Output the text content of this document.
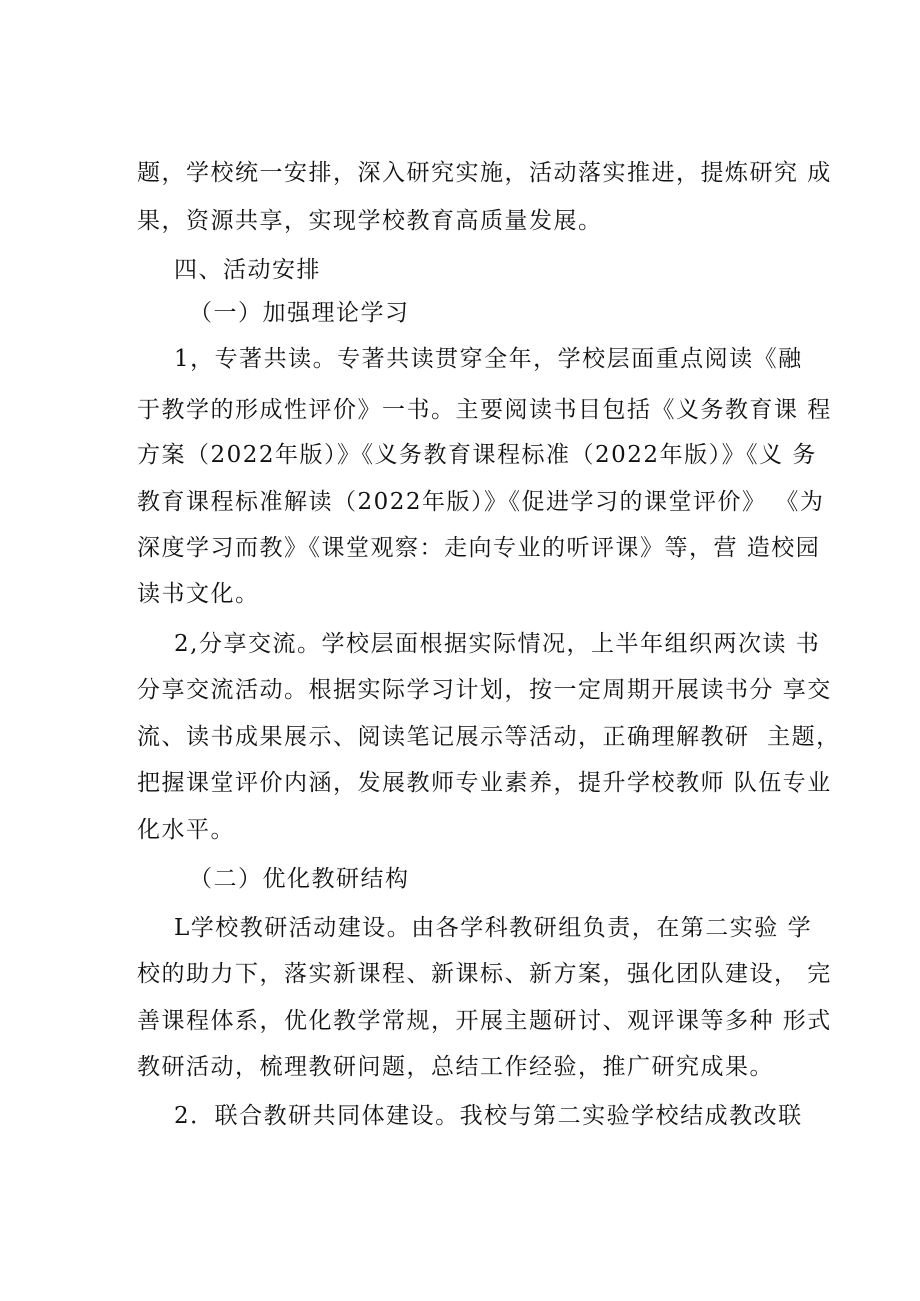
题，学校统一安排，深入研究实施，活动落实推进，提炼研究 成
果，资源共享，实现学校教育高质量发展。
四、活动安排
（一）加强理论学习
1，专著共读。专著共读贯穿全年，学校层面重点阅读《融
于教学的形成性评价》一书。主要阅读书目包括《义务教育课 程
方案（2022年版）》《义务教育课程标准（2022年版）》《义 务
教育课程标准解读（2022年版）》《促进学习的课堂评价》 《为
深度学习而教》《课堂观察：走向专业的听评课》等，营 造校园
读书文化。
2,分享交流。学校层面根据实际情况，上半年组织两次读 书
分享交流活动。根据实际学习计划，按一定周期开展读书分 享交
流、读书成果展示、阅读笔记展示等活动，正确理解教研  主题，
把握课堂评价内涵，发展教师专业素养，提升学校教师 队伍专业
化水平。
（二）优化教研结构
L学校教研活动建设。由各学科教研组负责，在第二实验 学
校的助力下，落实新课程、新课标、新方案，强化团队建设， 完
善课程体系，优化教学常规，开展主题研讨、观评课等多种 形式
教研活动，梳理教研问题，总结工作经验，推广研究成果。
2．联合教研共同体建设。我校与第二实验学校结成教改联
